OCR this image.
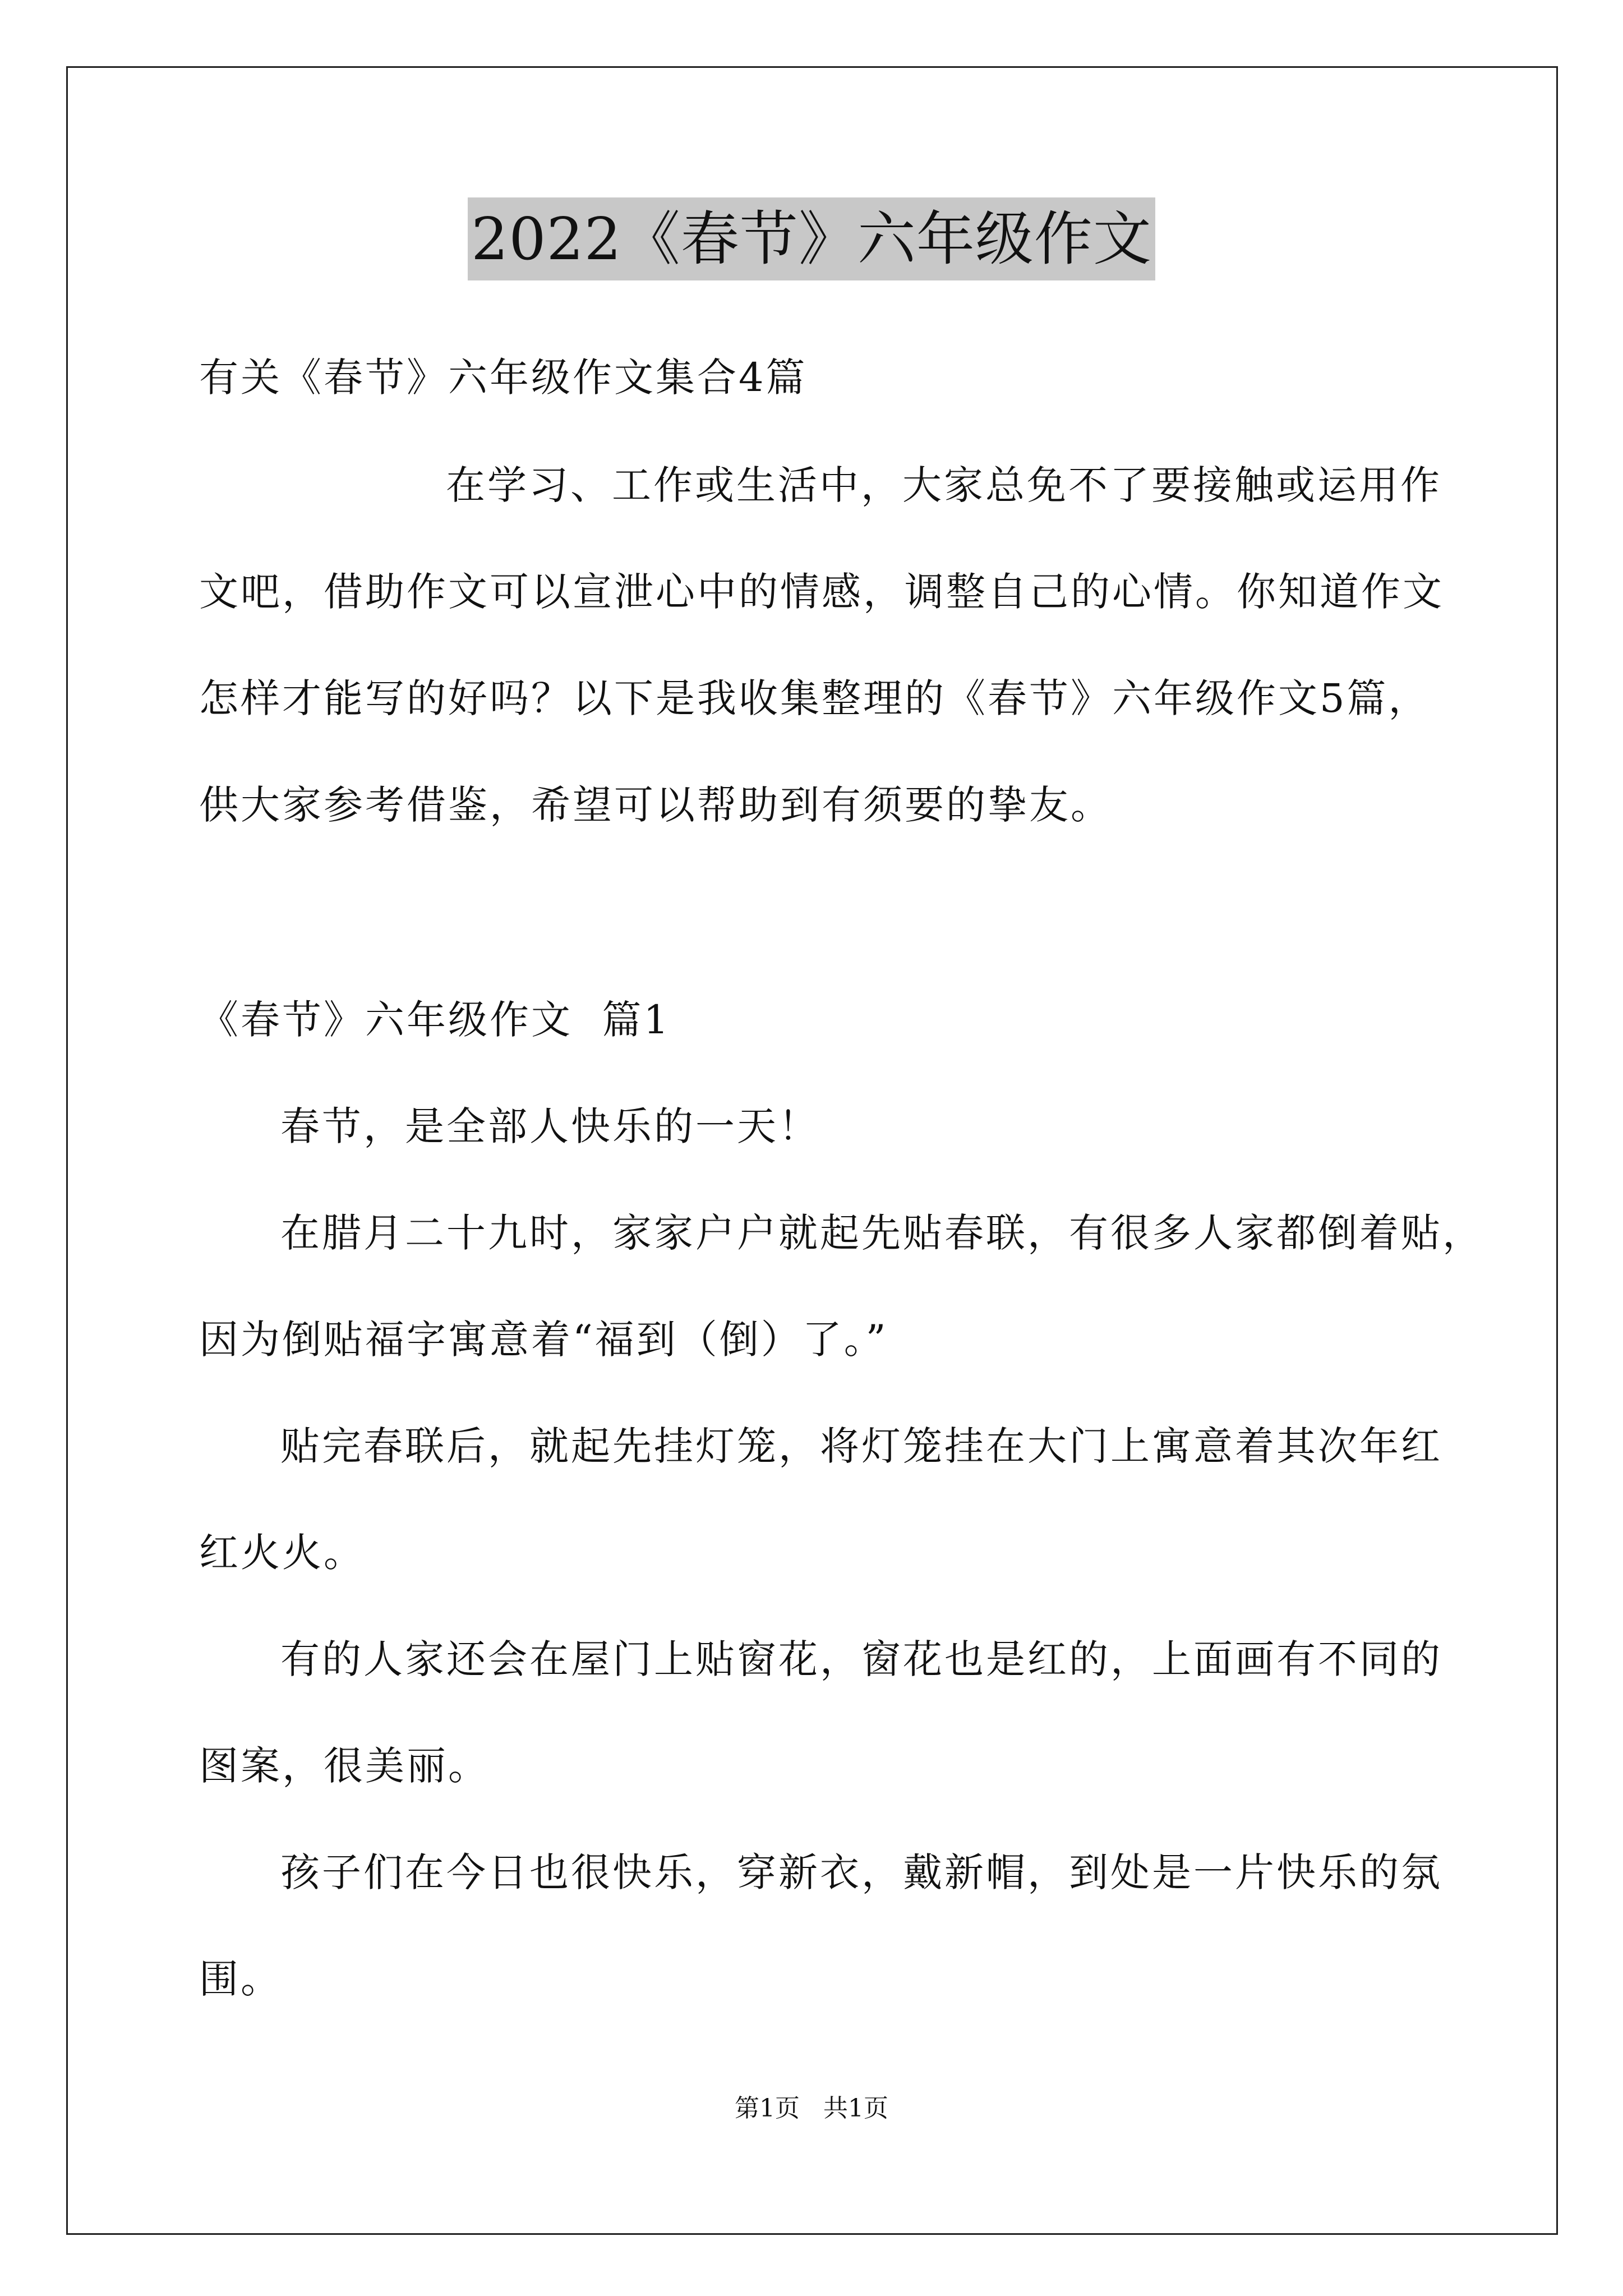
2022《春节》六年级作文
有关《春节》六年级作文集合4篇
在学习、工作或生活中，大家总免不了要接触或运用作
文吧，借助作文可以宣泄心中的情感，调整自己的心情。你知道作文
怎样才能写的好吗？以下是我收集整理的《春节》六年级作文5篇，
供大家参考借鉴，希望可以帮助到有须要的挚友。
《春节》六年级作文  篇1
春节，是全部人快乐的一天！
在腊月二十九时，家家户户就起先贴春联，有很多人家都倒着贴，
因为倒贴福字寓意着“福到（倒）了。”
贴完春联后，就起先挂灯笼，将灯笼挂在大门上寓意着其次年红
红火火。
有的人家还会在屋门上贴窗花，窗花也是红的，上面画有不同的
图案，很美丽。
孩子们在今日也很快乐，穿新衣，戴新帽，到处是一片快乐的氛
围。
第1页   共1页
